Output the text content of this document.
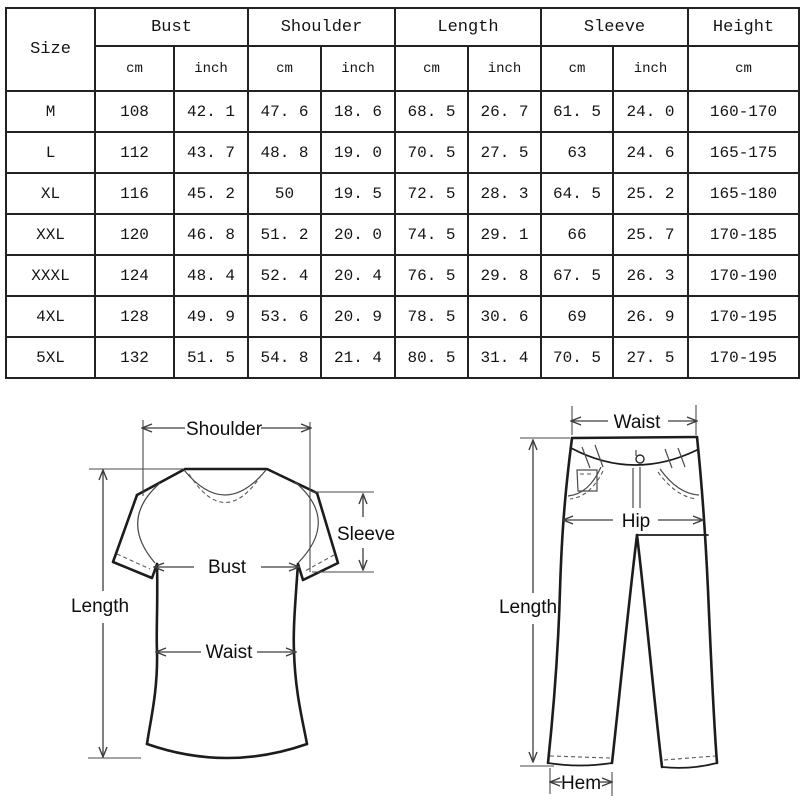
Size	Bust		Shoulder		Length		Sleeve		Height
	cm	inch	cm	inch	cm	inch	cm	inch	cm
M	108	42. 1	47. 6	18. 6	68. 5	26. 7	61. 5	24. 0	160-170
L	112	43. 7	48. 8	19. 0	70. 5	27. 5	63	24. 6	165-175
XL	116	45. 2	50	19. 5	72. 5	28. 3	64. 5	25. 2	165-180
XXL	120	46. 8	51. 2	20. 0	74. 5	29. 1	66	25. 7	170-185
XXXL	124	48. 4	52. 4	20. 4	76. 5	29. 8	67. 5	26. 3	170-190
4XL	128	49. 9	53. 6	20. 9	78. 5	30. 6	69	26. 9	170-195
5XL	132	51. 5	54. 8	21. 4	80. 5	31. 4	70. 5	27. 5	170-195
Shoulder
Sleeve
Bust
Length
Waist
Waist
Hip
Length
Hem
